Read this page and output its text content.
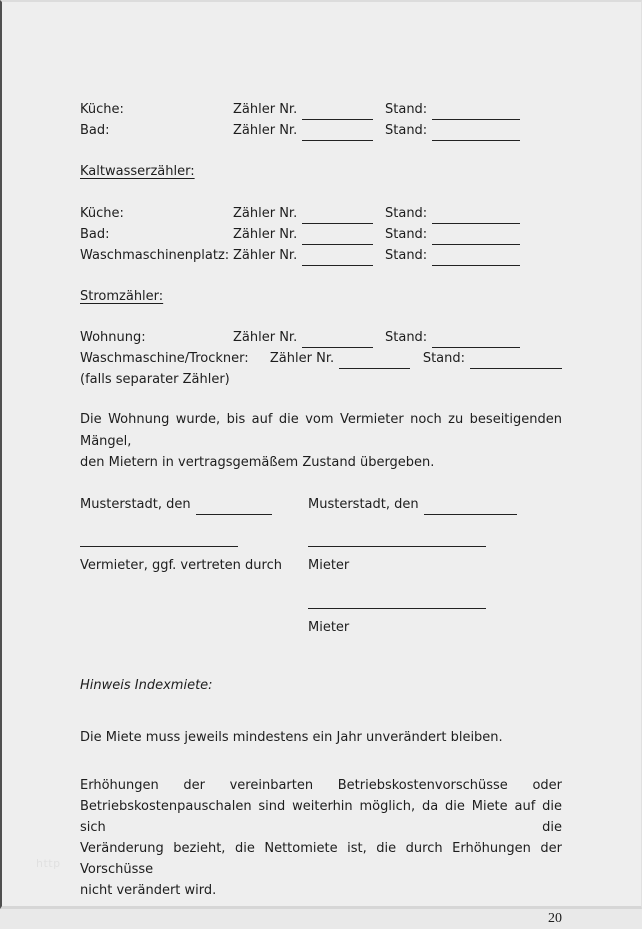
Küche:	Zähler Nr.	Stand:
Bad:	Zähler Nr.	Stand:
Kaltwasserzähler:
Küche:	Zähler Nr.	Stand:
Bad:	Zähler Nr.	Stand:
Waschmaschinenplatz: Zähler Nr.	Stand:
Stromzähler:
Wohnung:	Zähler Nr.	Stand:
Waschmaschine/Trockner:	Zähler Nr.	Stand:
(falls separater Zähler)
Die Wohnung wurde, bis auf die vom Vermieter noch zu beseitigenden Mängel,
den Mietern in vertragsgemäßem Zustand übergeben.
Musterstadt, den	Musterstadt, den
Vermieter, ggf. vertreten durch	Mieter
Mieter
Hinweis Indexmiete:
Die Miete muss jeweils mindestens ein Jahr unverändert bleiben.
Erhöhungen der vereinbarten Betriebskostenvorschüsse oder
Betriebskostenpauschalen sind weiterhin möglich, da die Miete auf die sich die
Veränderung bezieht, die Nettomiete ist, die durch Erhöhungen der Vorschüsse
nicht verändert wird.
20
http
